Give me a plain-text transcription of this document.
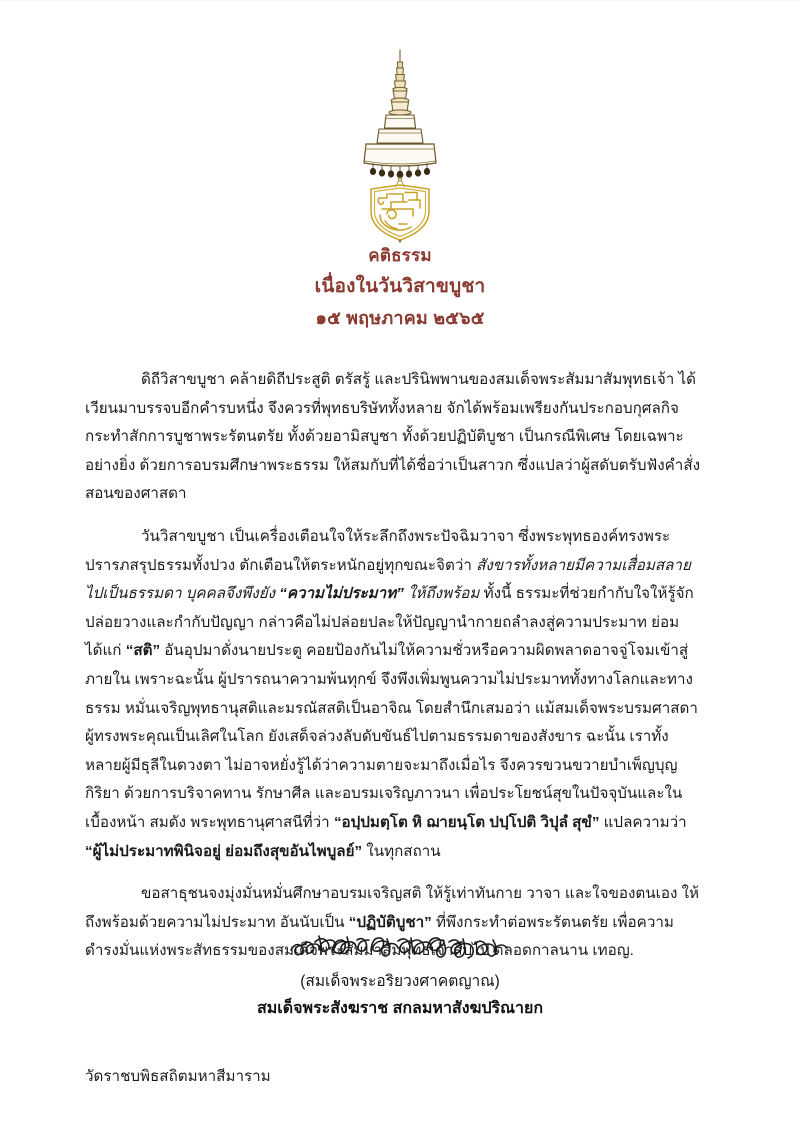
คติธรรม
เนื่องในวันวิสาขบูชา
๑๕ พฤษภาคม ๒๕๖๕
ดิถีวิสาขบูชา คล้ายดิถีประสูติ ตรัสรู้ และปรินิพพานของสมเด็จพระสัมมาสัมพุทธเจ้า ได้เวียนมาบรรจบอีกคำรบหนึ่ง จึงควรที่พุทธบริษัททั้งหลาย จักได้พร้อมเพรียงกันประกอบกุศลกิจ กระทำสักการบูชาพระรัตนตรัย ทั้งด้วยอามิสบูชา ทั้งด้วยปฏิบัติบูชา เป็นกรณีพิเศษ โดยเฉพาะอย่างยิ่ง ด้วยการอบรมศึกษาพระธรรม ให้สมกับที่ได้ชื่อว่าเป็นสาวก ซึ่งแปลว่าผู้สดับตรับฟังคำสั่งสอนของศาสดา
วันวิสาขบูชา เป็นเครื่องเตือนใจให้ระลึกถึงพระปัจฉิมวาจา ซึ่งพระพุทธองค์ทรงพระปรารภสรุปธรรมทั้งปวง ตักเตือนให้ตระหนักอยู่ทุกขณะจิตว่า สังขารทั้งหลายมีความเสื่อมสลายไปเป็นธรรมดา บุคคลจึงพึงยัง “ความไม่ประมาท” ให้ถึงพร้อม ทั้งนี้ ธรรมะที่ช่วยกำกับใจให้รู้จักปล่อยวางและกำกับปัญญา กล่าวคือไม่ปล่อยปละให้ปัญญานำกายถลำลงสู่ความประมาท ย่อมได้แก่ “สติ” อันอุปมาดั่งนายประตู คอยป้องกันไม่ให้ความชั่วหรือความผิดพลาดอาจจู่โจมเข้าสู่ภายใน เพราะฉะนั้น ผู้ปรารถนาความพ้นทุกข์ จึงพึงเพิ่มพูนความไม่ประมาททั้งทางโลกและทางธรรม หมั่นเจริญพุทธานุสติและมรณัสสติเป็นอาจิณ โดยสำนึกเสมอว่า แม้สมเด็จพระบรมศาสดาผู้ทรงพระคุณเป็นเลิศในโลก ยังเสด็จล่วงลับดับขันธ์ไปตามธรรมดาของสังขาร ฉะนั้น เราทั้งหลายผู้มีธุลีในดวงตา ไม่อาจหยั่งรู้ได้ว่าความตายจะมาถึงเมื่อไร จึงควรขวนขวายบำเพ็ญบุญกิริยา ด้วยการบริจาคทาน รักษาศีล และอบรมเจริญภาวนา เพื่อประโยชน์สุขในปัจจุบันและในเบื้องหน้า สมดัง พระพุทธานุศาสนีที่ว่า “อปฺปมตฺโต หิ ฌายนฺโต ปปฺโปติ วิปุลํ สุขํ” แปลความว่า “ผู้ไม่ประมาทพินิจอยู่ ย่อมถึงสุขอันไพบูลย์” ในทุกสถาน
ขอสาธุชนจงมุ่งมั่นหมั่นศึกษาอบรมเจริญสติ ให้รู้เท่าทันกาย วาจา และใจของตนเอง ให้ถึงพร้อมด้วยความไม่ประมาท อันนับเป็น “ปฏิบัติบูชา” ที่พึงกระทำต่อพระรัตนตรัย เพื่อความดำรงมั่นแห่งพระสัทธรรมของสมเด็จพระสัมมาสัมพุทธเจ้าสืบไป ตลอดกาลนาน เทอญ.
(สมเด็จพระอริยวงศาคตญาณ)
สมเด็จพระสังฆราช สกลมหาสังฆปริณายก
วัดราชบพิธสถิตมหาสีมาราม
